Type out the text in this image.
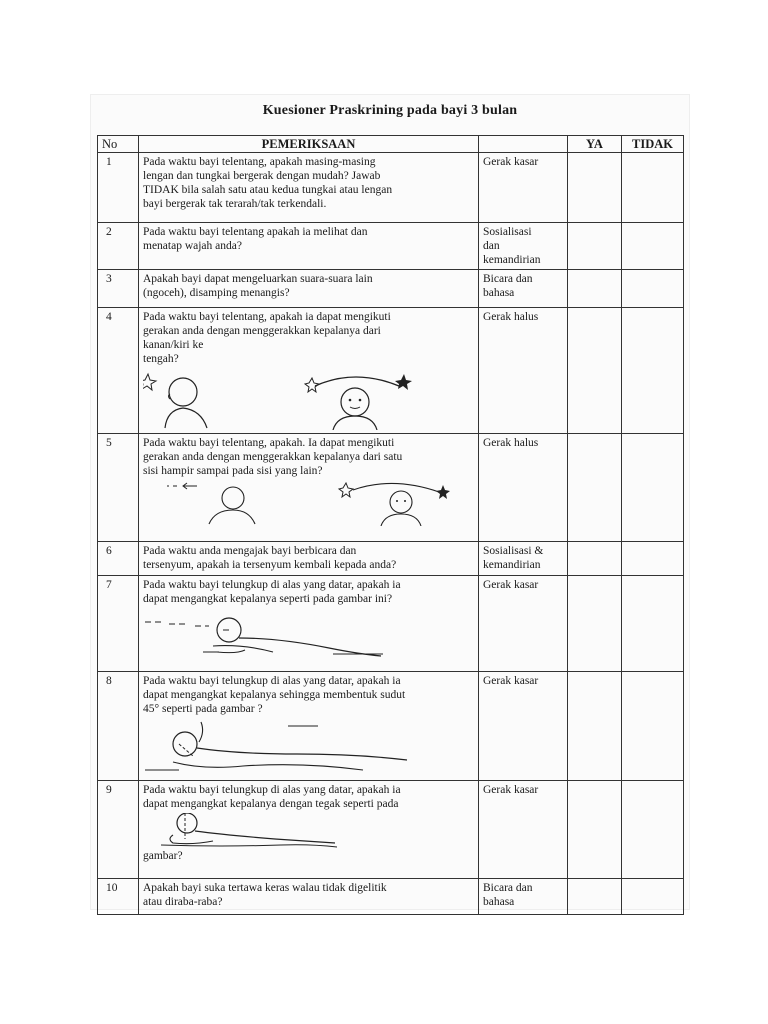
Kuesioner Praskrining pada bayi 3 bulan
No	PEMERIKSAAN		YA	TIDAK
1	Pada waktu bayi telentang, apakah masing-masing
lengan dan tungkai bergerak dengan mudah? Jawab
TIDAK bila salah satu atau kedua tungkai atau lengan
bayi bergerak tak terarah/tak terkendali.	Gerak kasar		
2	Pada waktu bayi telentang apakah ia melihat dan
menatap wajah anda?	Sosialisasi
dan
kemandirian		
3	Apakah bayi dapat mengeluarkan suara-suara lain
(ngoceh), disamping menangis?	Bicara dan
bahasa		
4	Pada waktu bayi telentang, apakah ia dapat mengikuti
gerakan anda dengan menggerakkan kepalanya dari
kanan/kiri ke
tengah?	Gerak halus		
5	Pada waktu bayi telentang, apakah. Ia dapat mengikuti
gerakan anda dengan menggerakkan kepalanya dari satu
sisi hampir sampai pada sisi yang lain?	Gerak halus		
6	Pada waktu anda mengajak bayi berbicara dan
tersenyum, apakah ia tersenyum kembali kepada anda?	Sosialisasi &
kemandirian		
7	Pada waktu bayi telungkup di alas yang datar, apakah ia
dapat mengangkat kepalanya seperti pada gambar ini?	Gerak kasar		
8	Pada waktu bayi telungkup di alas yang datar, apakah ia
dapat mengangkat kepalanya sehingga membentuk sudut
45° seperti pada gambar ?	Gerak kasar		
9	Pada waktu bayi telungkup di alas yang datar, apakah ia
dapat mengangkat kepalanya dengan tegak seperti pada
gambar?	Gerak kasar		
10	Apakah bayi suka tertawa keras walau tidak digelitik
atau diraba-raba?	Bicara dan
bahasa		
